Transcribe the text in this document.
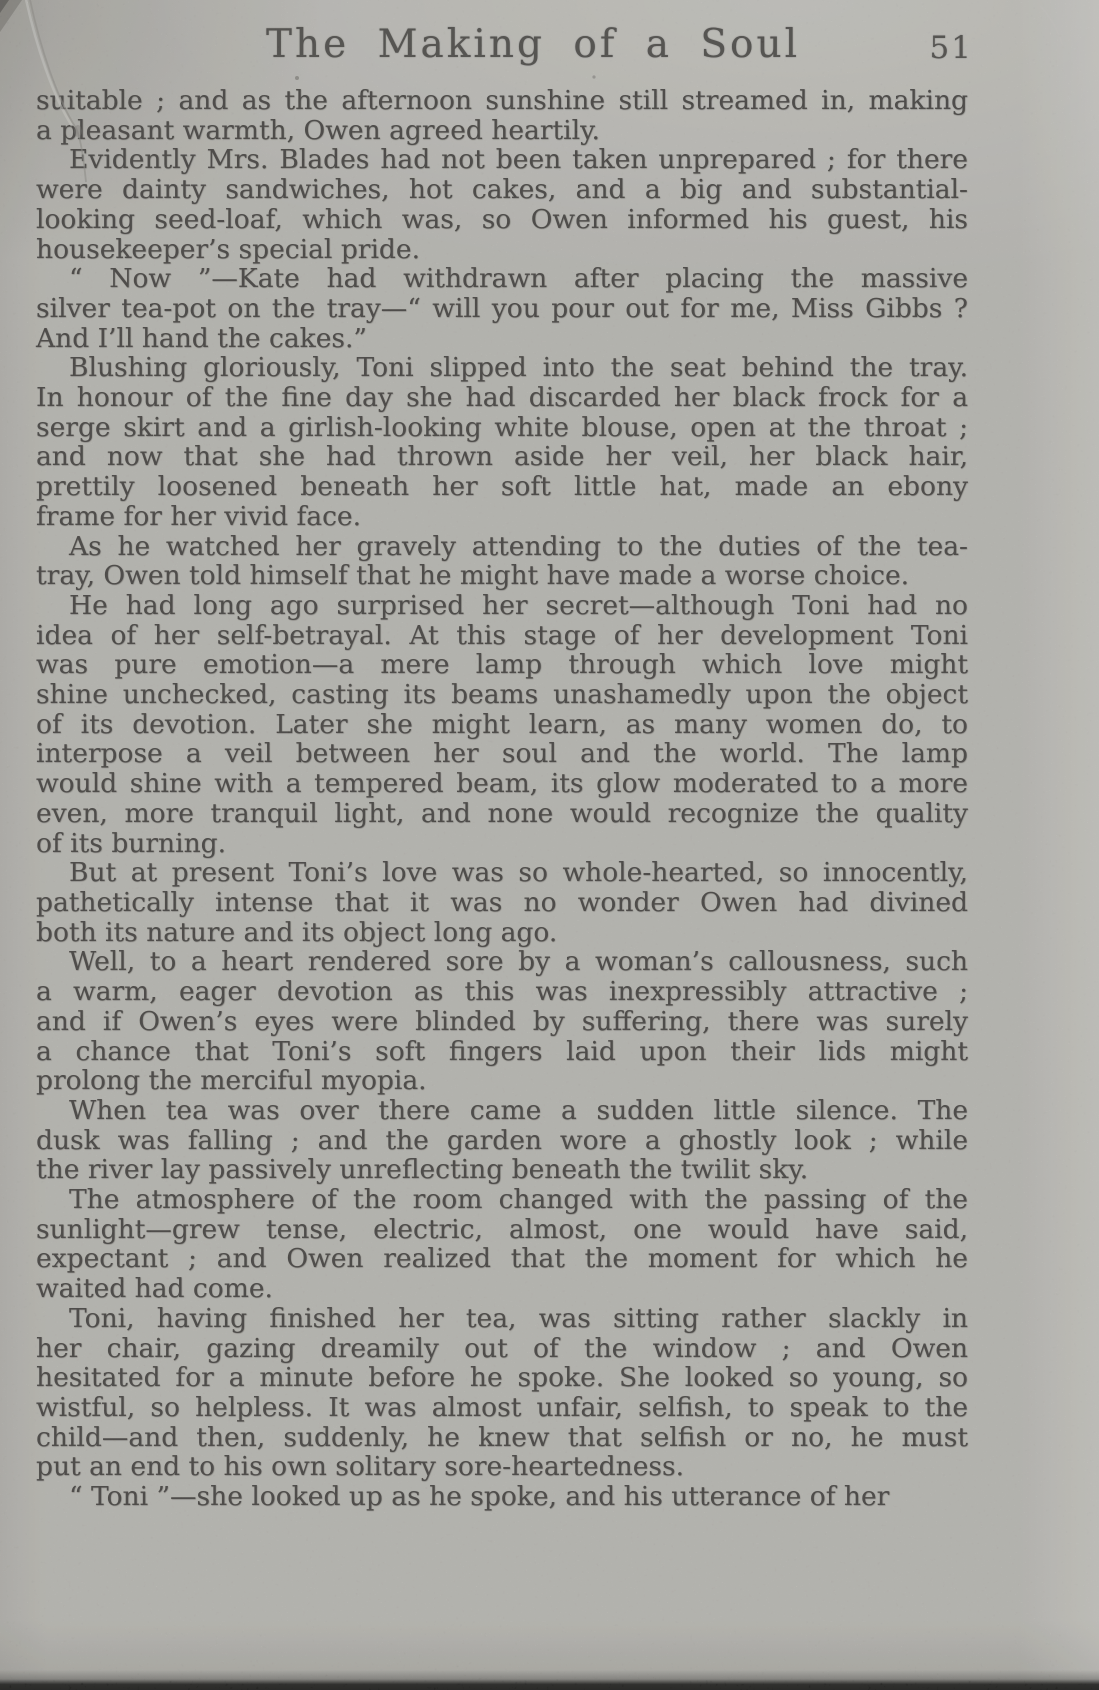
The Making of a Soul	51
suitable ; and as the afternoon sunshine still streamed in, making
a pleasant warmth, Owen agreed heartily.
Evidently Mrs. Blades had not been taken unprepared ; for there
were dainty sandwiches, hot cakes, and a big and substantial-
looking seed-loaf, which was, so Owen informed his guest, his
housekeeper’s special pride.
“ Now ”—Kate had withdrawn after placing the massive
silver tea-pot on the tray—“ will you pour out for me, Miss Gibbs ?
And I’ll hand the cakes.”
Blushing gloriously, Toni slipped into the seat behind the tray.
In honour of the fine day she had discarded her black frock for a
serge skirt and a girlish-looking white blouse, open at the throat ;
and now that she had thrown aside her veil, her black hair,
prettily loosened beneath her soft little hat, made an ebony
frame for her vivid face.
As he watched her gravely attending to the duties of the tea-
tray, Owen told himself that he might have made a worse choice.
He had long ago surprised her secret—although Toni had no
idea of her self-betrayal. At this stage of her development Toni
was pure emotion—a mere lamp through which love might
shine unchecked, casting its beams unashamedly upon the object
of its devotion. Later she might learn, as many women do, to
interpose a veil between her soul and the world. The lamp
would shine with a tempered beam, its glow moderated to a more
even, more tranquil light, and none would recognize the quality
of its burning.
But at present Toni’s love was so whole-hearted, so innocently,
pathetically intense that it was no wonder Owen had divined
both its nature and its object long ago.
Well, to a heart rendered sore by a woman’s callousness, such
a warm, eager devotion as this was inexpressibly attractive ;
and if Owen’s eyes were blinded by suffering, there was surely
a chance that Toni’s soft fingers laid upon their lids might
prolong the merciful myopia.
When tea was over there came a sudden little silence. The
dusk was falling ; and the garden wore a ghostly look ; while
the river lay passively unreflecting beneath the twilit sky.
The atmosphere of the room changed with the passing of the
sunlight—grew tense, electric, almost, one would have said,
expectant ; and Owen realized that the moment for which he
waited had come.
Toni, having finished her tea, was sitting rather slackly in
her chair, gazing dreamily out of the window ; and Owen
hesitated for a minute before he spoke. She looked so young, so
wistful, so helpless. It was almost unfair, selfish, to speak to the
child—and then, suddenly, he knew that selfish or no, he must
put an end to his own solitary sore-heartedness.
“ Toni ”—she looked up as he spoke, and his utterance of her
